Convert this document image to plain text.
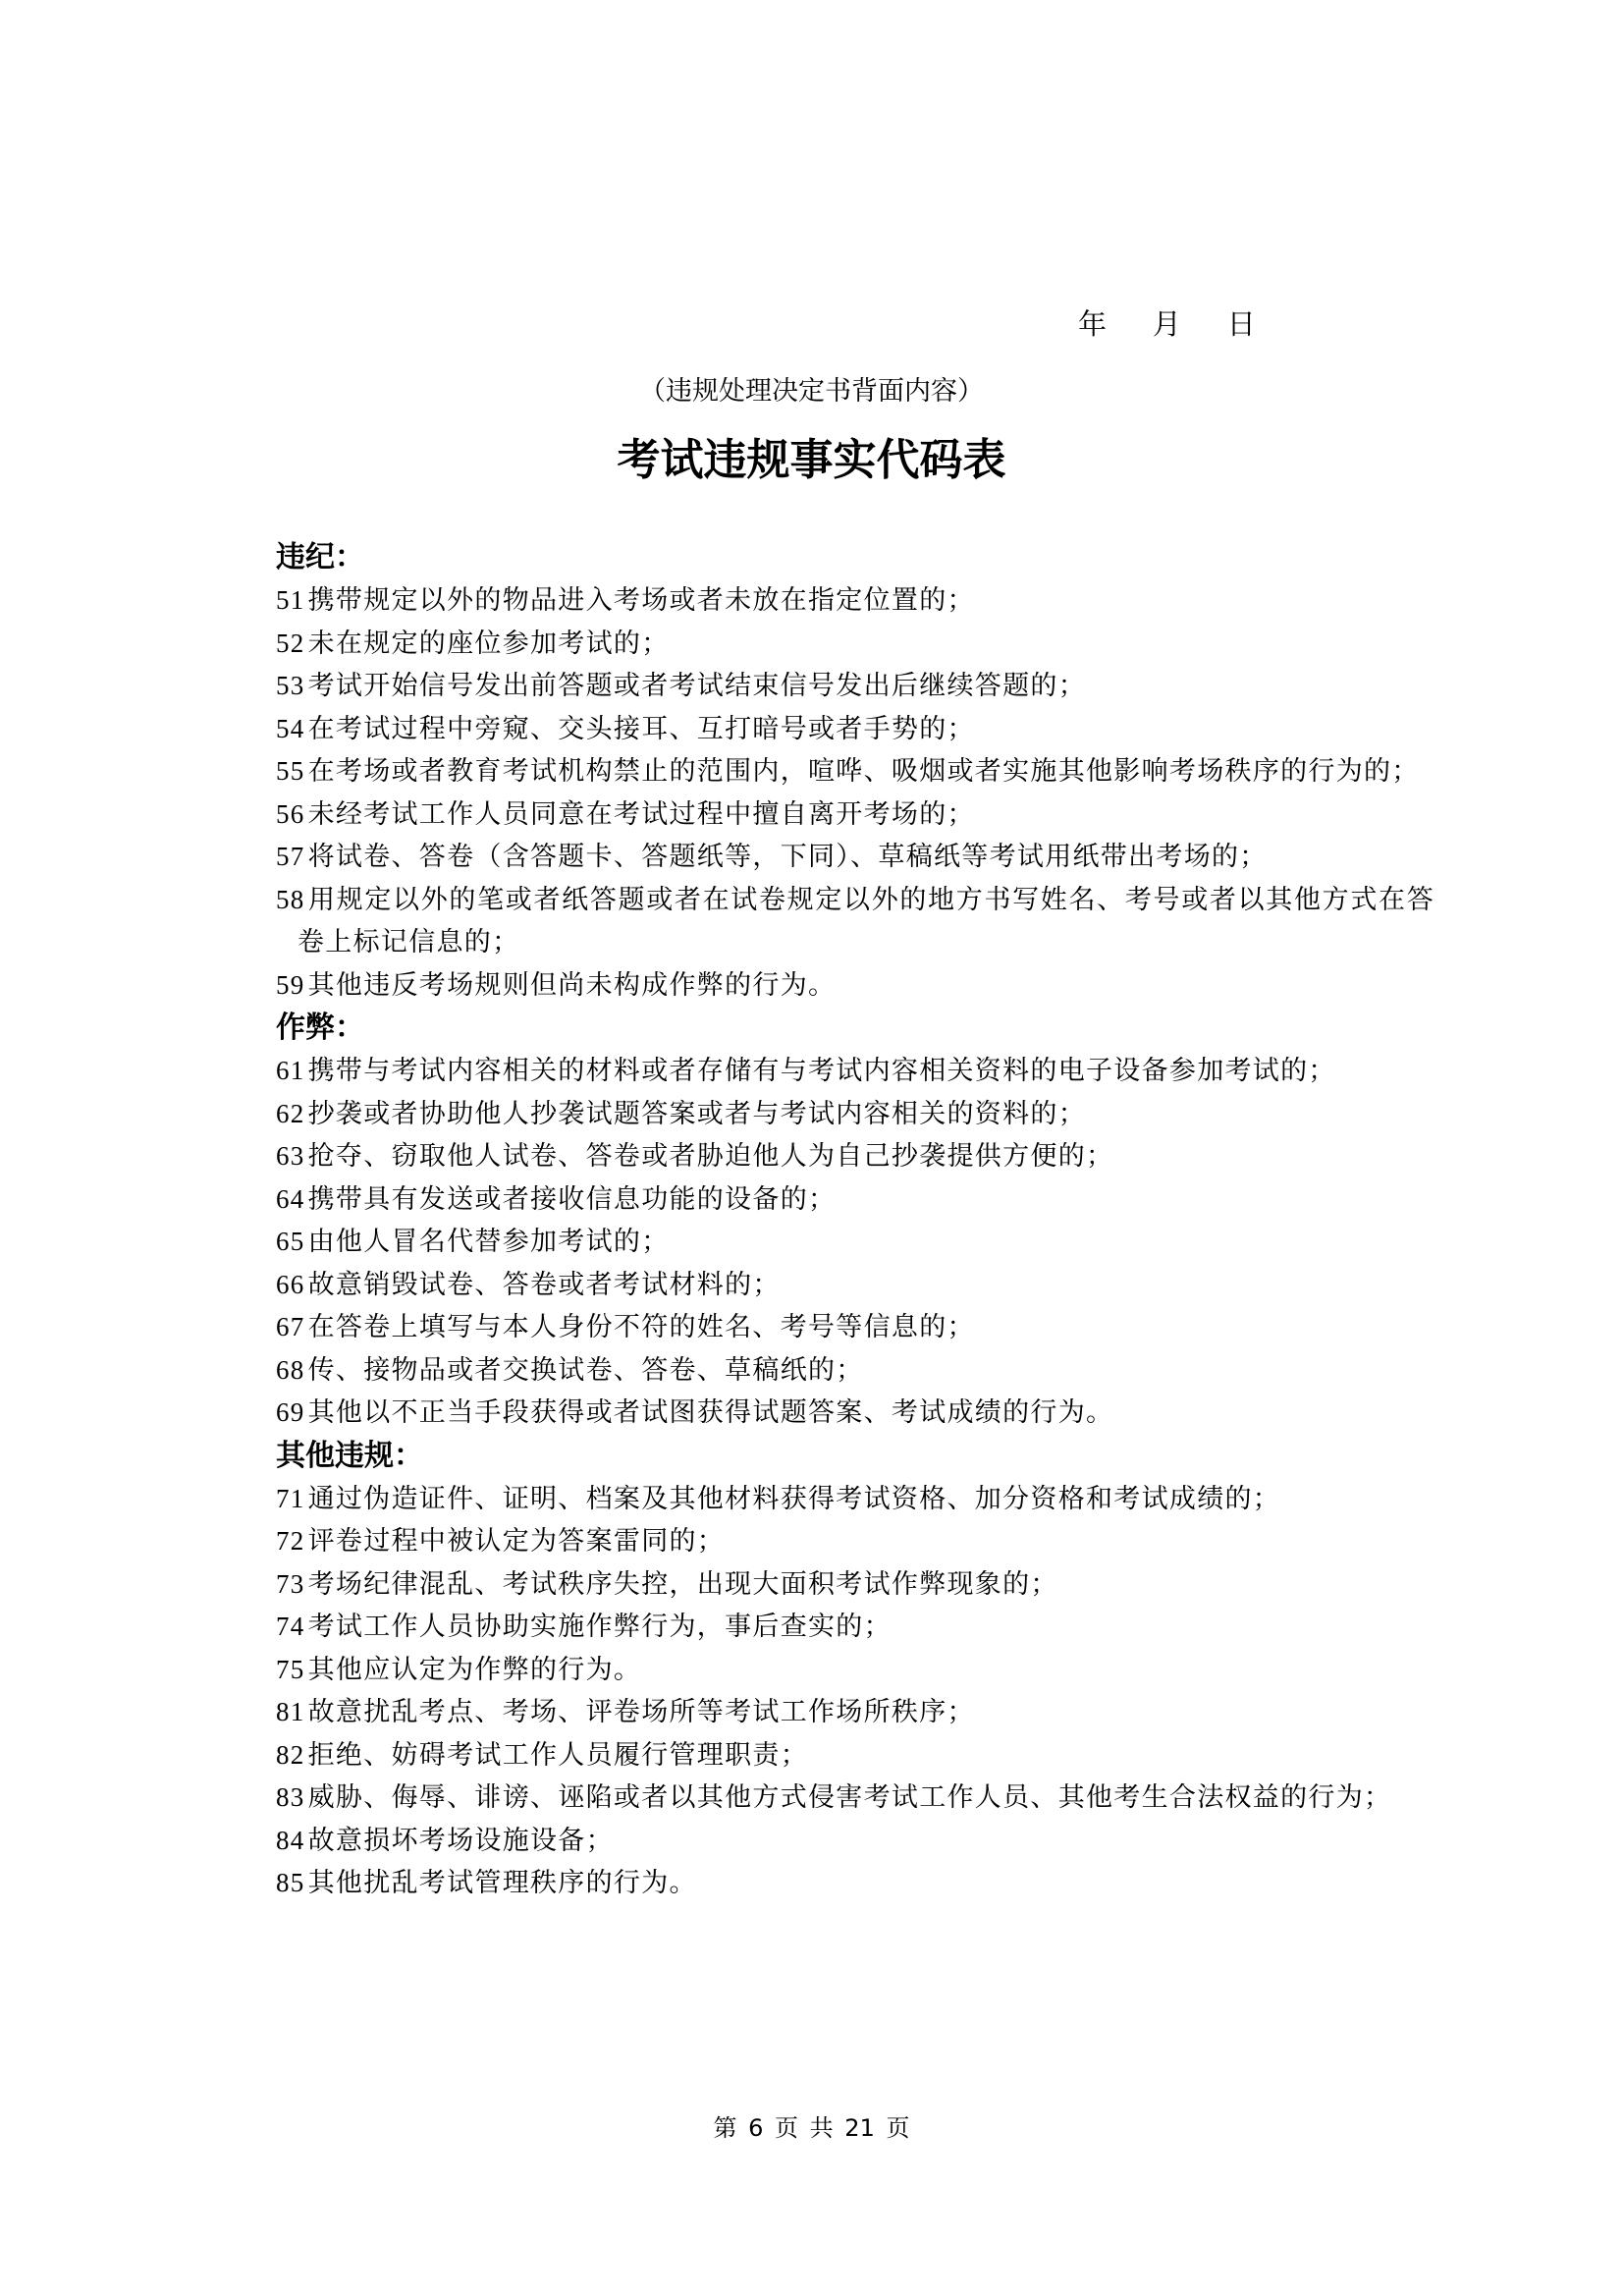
年    月    日
（违规处理决定书背面内容）
考试违规事实代码表
违纪：
51 携带规定以外的物品进入考场或者未放在指定位置的；
52 未在规定的座位参加考试的；
53 考试开始信号发出前答题或者考试结束信号发出后继续答题的；
54 在考试过程中旁窥、交头接耳、互打暗号或者手势的；
55 在考场或者教育考试机构禁止的范围内，喧哗、吸烟或者实施其他影响考场秩序的行为的；
56 未经考试工作人员同意在考试过程中擅自离开考场的；
57 将试卷、答卷（含答题卡、答题纸等，下同）、草稿纸等考试用纸带出考场的；
58 用规定以外的笔或者纸答题或者在试卷规定以外的地方书写姓名、考号或者以其他方式在答卷上标记信息的；
59 其他违反考场规则但尚未构成作弊的行为。
作弊：
61 携带与考试内容相关的材料或者存储有与考试内容相关资料的电子设备参加考试的；
62 抄袭或者协助他人抄袭试题答案或者与考试内容相关的资料的；
63 抢夺、窃取他人试卷、答卷或者胁迫他人为自己抄袭提供方便的；
64 携带具有发送或者接收信息功能的设备的；
65 由他人冒名代替参加考试的；
66 故意销毁试卷、答卷或者考试材料的；
67 在答卷上填写与本人身份不符的姓名、考号等信息的；
68 传、接物品或者交换试卷、答卷、草稿纸的；
69 其他以不正当手段获得或者试图获得试题答案、考试成绩的行为。
其他违规：
71 通过伪造证件、证明、档案及其他材料获得考试资格、加分资格和考试成绩的；
72 评卷过程中被认定为答案雷同的；
73 考场纪律混乱、考试秩序失控，出现大面积考试作弊现象的；
74 考试工作人员协助实施作弊行为，事后查实的；
75 其他应认定为作弊的行为。
81 故意扰乱考点、考场、评卷场所等考试工作场所秩序；
82 拒绝、妨碍考试工作人员履行管理职责；
83 威胁、侮辱、诽谤、诬陷或者以其他方式侵害考试工作人员、其他考生合法权益的行为；
84 故意损坏考场设施设备；
85 其他扰乱考试管理秩序的行为。
第 6 页 共 21 页
